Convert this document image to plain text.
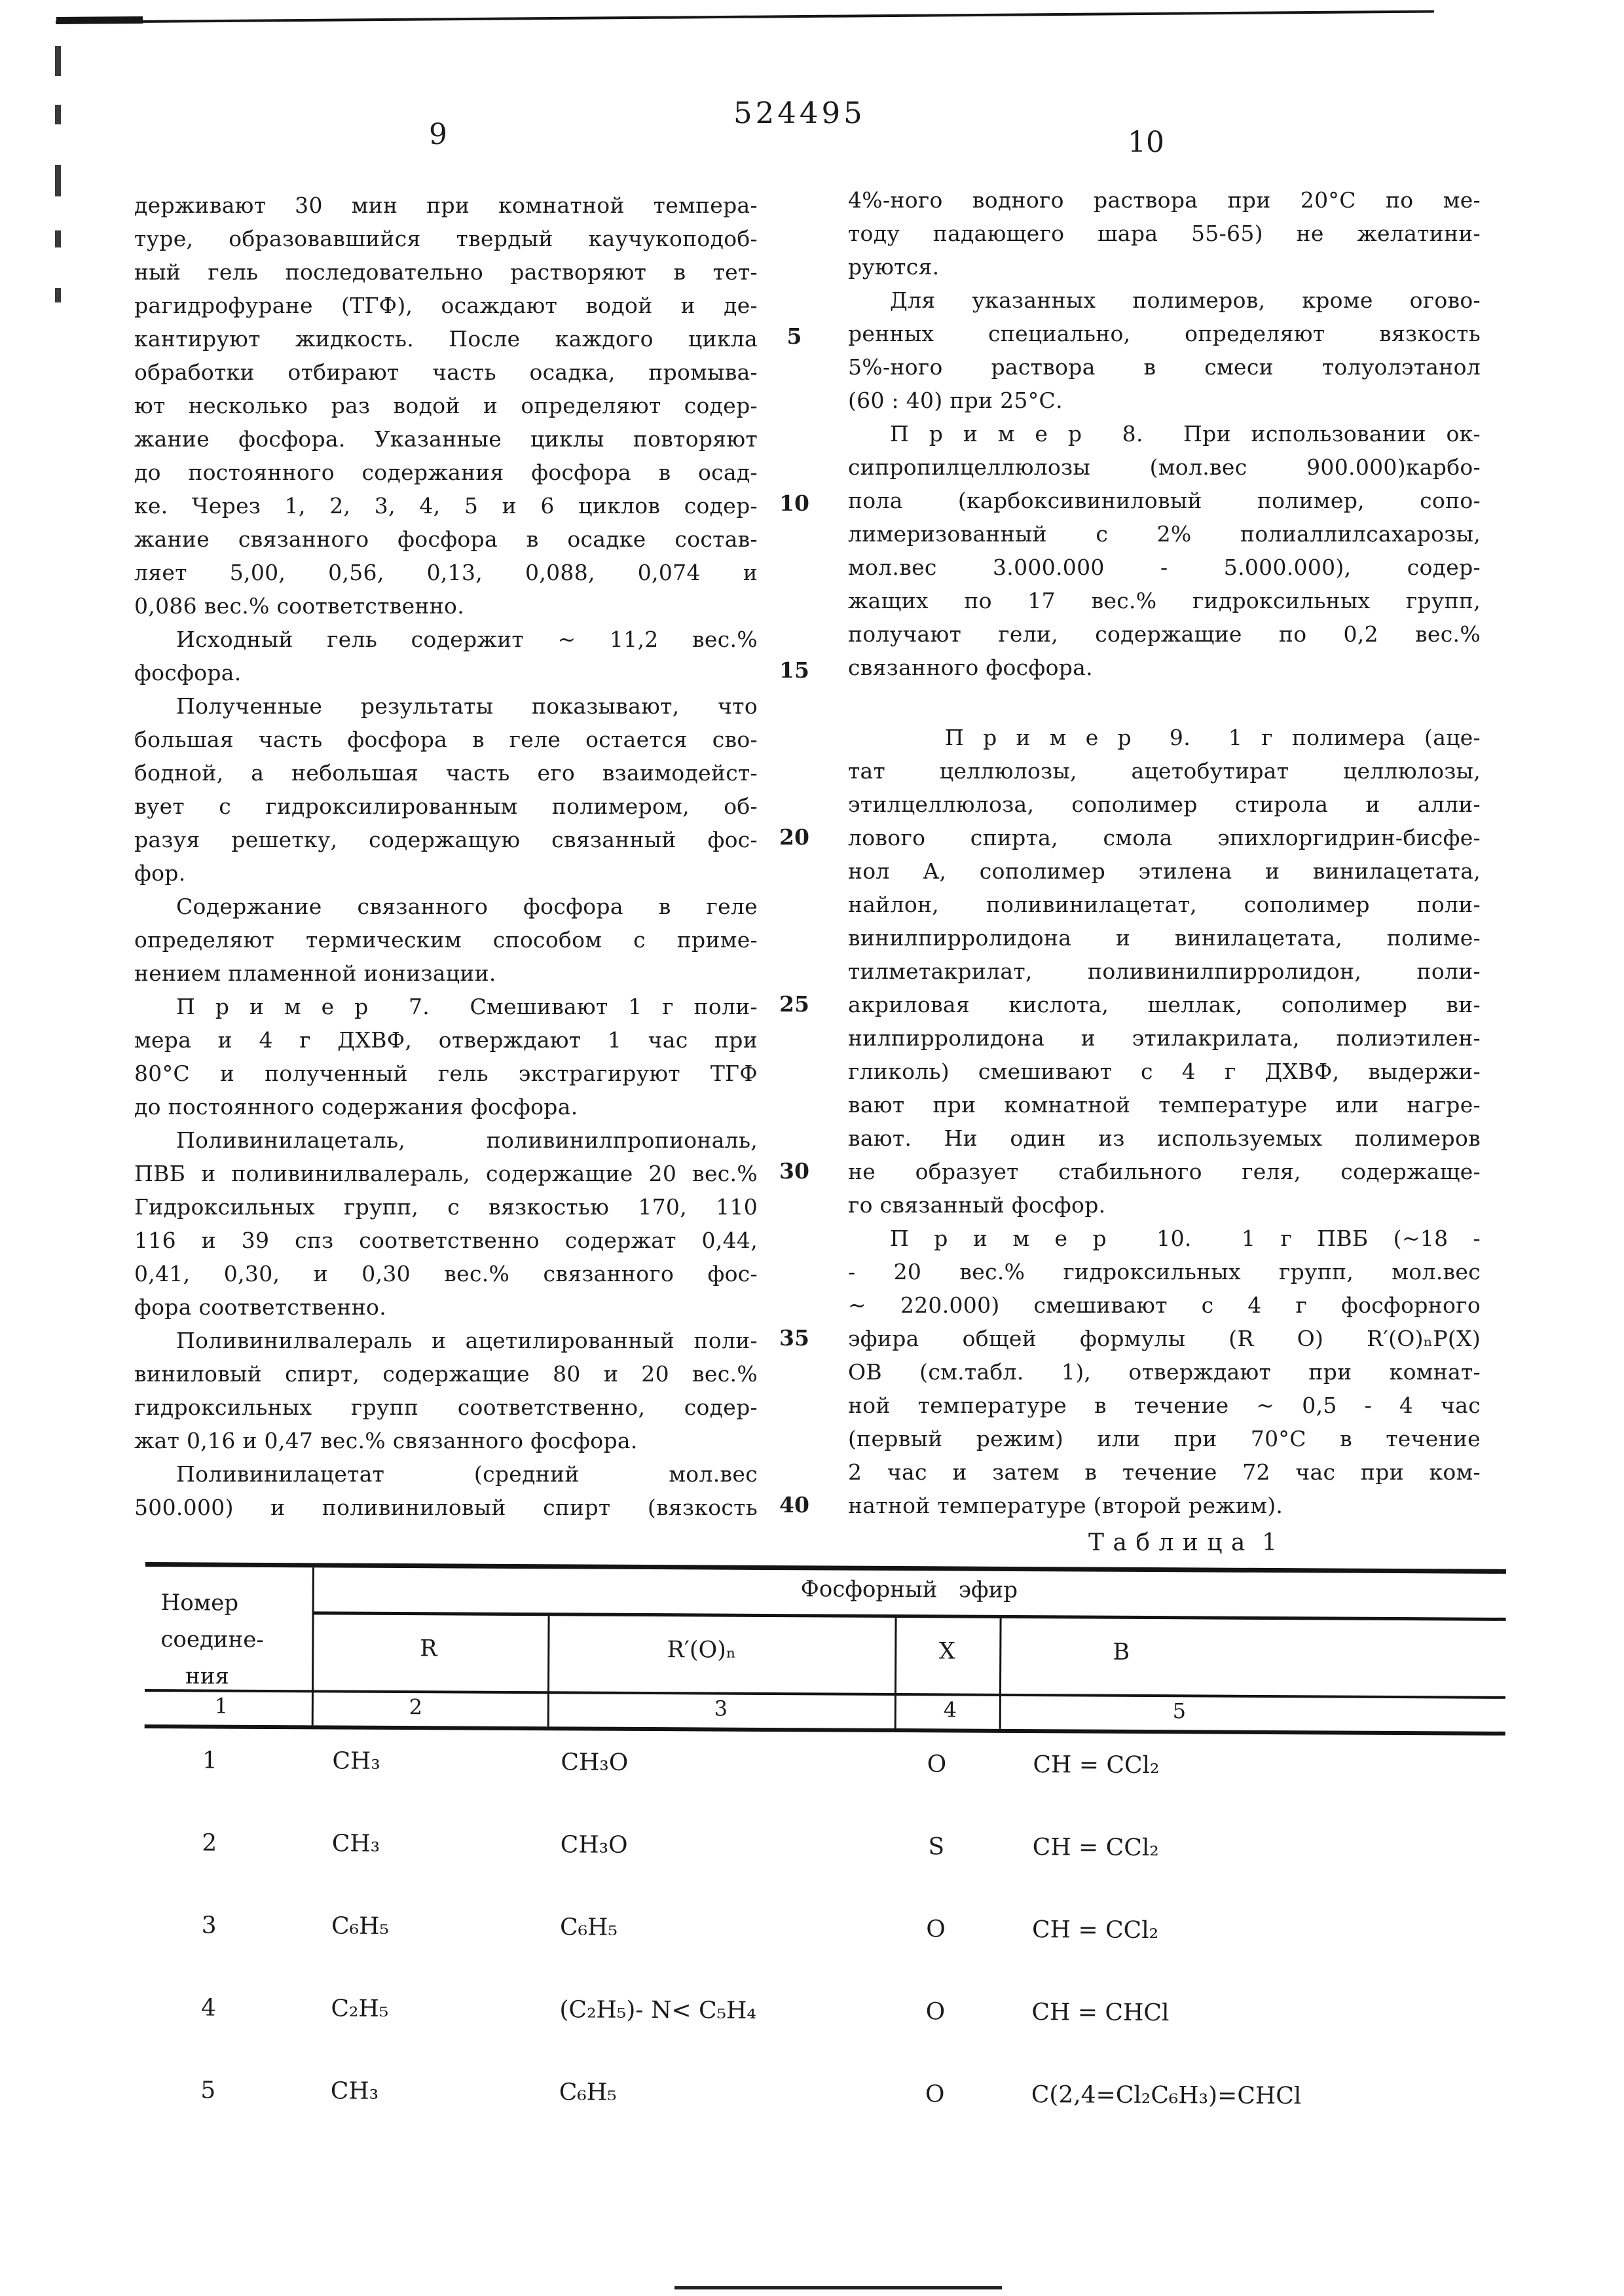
9
524495
10
5
10
15
20
25
30
35
40
держивают 30 мин при комнатной темпера-
туре, образовавшийся твердый каучукоподоб-
ный гель последовательно растворяют в тет-
рагидрофуране (ТГФ), осаждают водой и де-
кантируют жидкость. После каждого цикла
обработки отбирают часть осадка, промыва-
ют несколько раз водой и определяют содер-
жание фосфора. Указанные циклы повторяют
до постоянного содержания фосфора в осад-
ке. Через 1, 2, 3, 4, 5 и 6 циклов содер-
жание связанного фосфора в осадке состав-
ляет 5,00, 0,56, 0,13, 0,088, 0,074 и
0,086 вес.% соответственно.
Исходный гель содержит ~ 11,2 вес.%
фосфора.
Полученные результаты показывают, что
большая часть фосфора в геле остается сво-
бодной, а небольшая часть его взаимодейст-
вует с гидроксилированным полимером, об-
разуя решетку, содержащую связанный фос-
фор.
Содержание связанного фосфора в геле
определяют термическим способом с приме-
нением пламенной ионизации.
П р и м е р  7.  Смешивают 1 г поли-
мера и 4 г ДХВФ, отверждают 1 час при
80°С и полученный гель экстрагируют ТГФ
до постоянного содержания фосфора.
Поливинилацеталь, поливинилпропиональ,
ПВБ и поливинилвалераль, содержащие 20 вес.%
Гидроксильных групп, с вязкостью 170, 110
116 и 39 спз соответственно содержат 0,44,
0,41, 0,30, и 0,30 вес.% связанного фос-
фора соответственно.
Поливинилвалераль и ацетилированный поли-
виниловый спирт, содержащие 80 и 20 вес.%
гидроксильных групп соответственно, содер-
жат 0,16 и 0,47 вес.% связанного фосфора.
Поливинилацетат  (средний  мол.вес
500.000) и поливиниловый спирт (вязкость
4%-ного водного раствора при 20°С по ме-
тоду падающего шара 55-65) не желатини-
руются.
Для указанных полимеров, кроме огово-
ренных специально, определяют вязкость
5%-ного раствора в смеси толуолэтанол
(60 : 40) при 25°С.
П р и м е р  8.  При использовании ок-
сипропилцеллюлозы (мол.вес 900.000)карбо-
пола (карбоксивиниловый полимер, сопо-
лимеризованный с 2% полиаллилсахарозы,
мол.вес 3.000.000 - 5.000.000), содер-
жащих по 17 вес.% гидроксильных групп,
получают гели, содержащие по 0,2 вес.%
связанного фосфора.
П р и м е р  9.  1 г полимера (аце-
тат целлюлозы, ацетобутират целлюлозы,
этилцеллюлоза, сополимер стирола и алли-
лового спирта, смола эпихлоргидрин-бисфе-
нол А, сополимер этилена и винилацетата,
найлон, поливинилацетат, сополимер поли-
винилпирролидона и винилацетата, полиме-
тилметакрилат, поливинилпирролидон, поли-
акриловая кислота, шеллак, сополимер ви-
нилпирролидона и этилакрилата, полиэтилен-
гликоль) смешивают с 4 г ДХВФ, выдержи-
вают при комнатной температуре или нагре-
вают. Ни один из используемых полимеров
не образует стабильного геля, содержаще-
го связанный фосфор.
П р и м е р  10.  1 г ПВБ (~18 -
- 20 вес.% гидроксильных групп, мол.вес
~ 220.000) смешивают с 4 г фосфорного
эфира общей формулы (R O) R′(O)ₙP(X)
ОВ (см.табл. 1), отверждают при комнат-
ной температуре в течение ~ 0,5 - 4 час
(первый режим) или при 70°С в течение
2 час и затем в течение 72 час при ком-
натной температуре (второй режим).
Т а б л и ц а  1
Фосфорный   эфир
Номер
соедине-
ния
R	R′(O)ₙ	X	B
1	2	3	4	5
1	CH₃	CH₃O	O	CH = CCl₂
2	CH₃	CH₃O	S	CH = CCl₂
3	C₆H₅	C₆H₅	O	CH = CCl₂
4	C₂H₅	(C₂H₅)- N< C₅H₄	O	CH = CHCl
5	CH₃	C₆H₅	O	C(2,4=Cl₂C₆H₃)=CHCl
